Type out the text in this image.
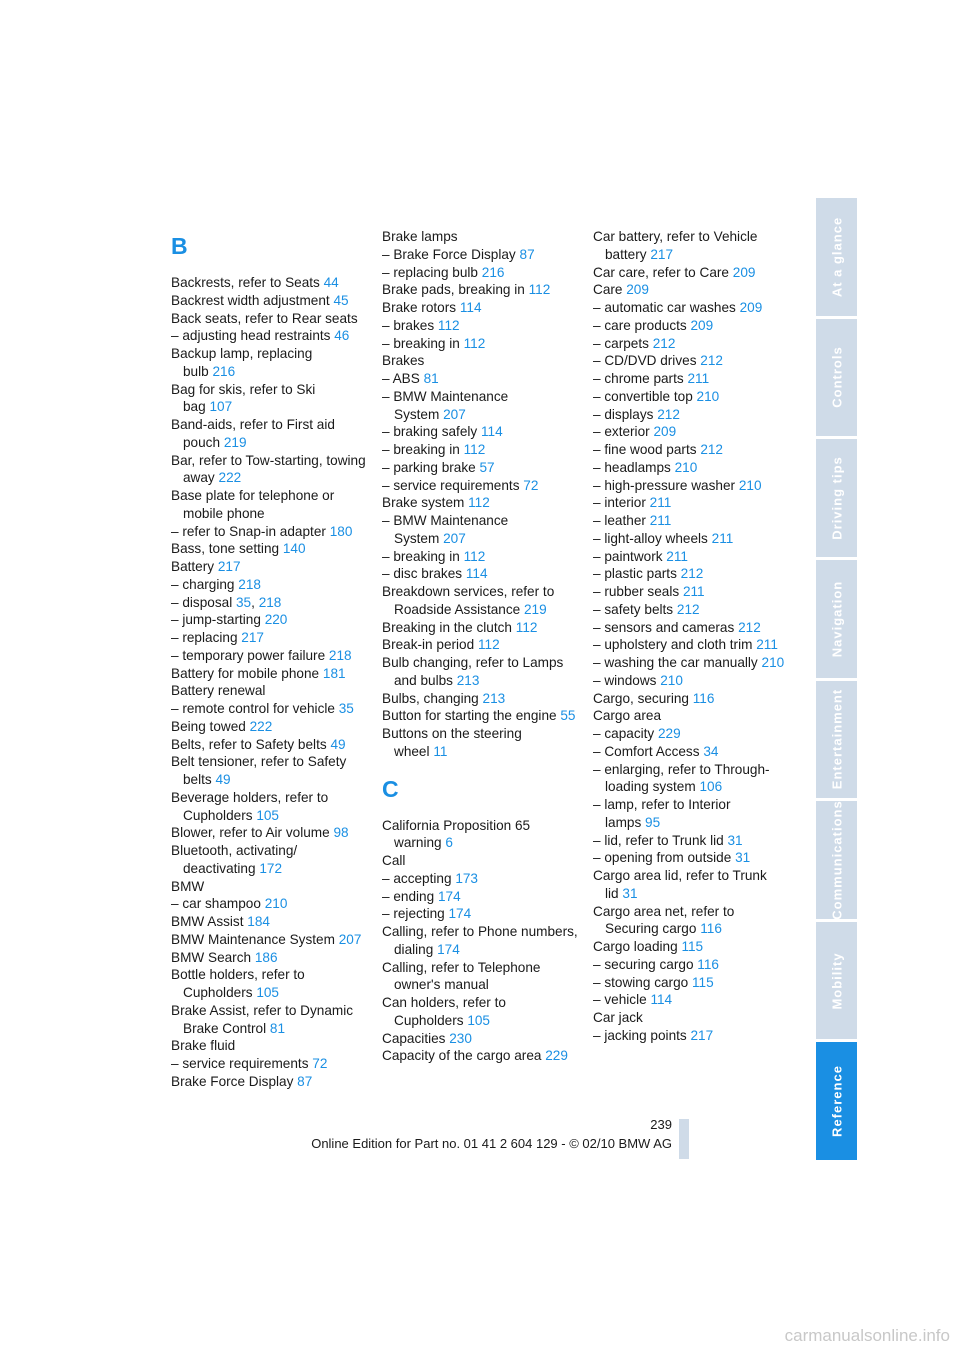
B
Backrests, refer to Seats 44
Backrest width adjustment 45
Back seats, refer to Rear seats
– adjusting head restraints 46
Backup lamp, replacing bulb 216
Bag for skis, refer to Ski bag 107
Band-aids, refer to First aid pouch 219
Bar, refer to Tow-starting, towing away 222
Base plate for telephone or mobile phone
– refer to Snap-in adapter 180
Bass, tone setting 140
Battery 217
– charging 218
– disposal 35, 218
– jump-starting 220
– replacing 217
– temporary power failure 218
Battery for mobile phone 181
Battery renewal
– remote control for vehicle 35
Being towed 222
Belts, refer to Safety belts 49
Belt tensioner, refer to Safety belts 49
Beverage holders, refer to Cupholders 105
Blower, refer to Air volume 98
Bluetooth, activating/ deactivating 172
BMW
– car shampoo 210
BMW Assist 184
BMW Maintenance System 207
BMW Search 186
Bottle holders, refer to Cupholders 105
Brake Assist, refer to Dynamic Brake Control 81
Brake fluid
– service requirements 72
Brake Force Display 87
Brake lamps
– Brake Force Display 87
– replacing bulb 216
Brake pads, breaking in 112
Brake rotors 114
– brakes 112
– breaking in 112
Brakes
– ABS 81
– BMW Maintenance System 207
– braking safely 114
– breaking in 112
– parking brake 57
– service requirements 72
Brake system 112
– BMW Maintenance System 207
– breaking in 112
– disc brakes 114
Breakdown services, refer to Roadside Assistance 219
Breaking in the clutch 112
Break-in period 112
Bulb changing, refer to Lamps and bulbs 213
Bulbs, changing 213
Button for starting the engine 55
Buttons on the steering wheel 11
C
California Proposition 65 warning 6
Call
– accepting 173
– ending 174
– rejecting 174
Calling, refer to Phone numbers, dialing 174
Calling, refer to Telephone owner's manual
Can holders, refer to Cupholders 105
Capacities 230
Capacity of the cargo area 229
Car battery, refer to Vehicle battery 217
Car care, refer to Care 209
Care 209
– automatic car washes 209
– care products 209
– carpets 212
– CD/DVD drives 212
– chrome parts 211
– convertible top 210
– displays 212
– exterior 209
– fine wood parts 212
– headlamps 210
– high-pressure washer 210
– interior 211
– leather 211
– light-alloy wheels 211
– paintwork 211
– plastic parts 212
– rubber seals 211
– safety belts 212
– sensors and cameras 212
– upholstery and cloth trim 211
– washing the car manually 210
– windows 210
Cargo, securing 116
Cargo area
– capacity 229
– Comfort Access 34
– enlarging, refer to Through- loading system 106
– lamp, refer to Interior lamps 95
– lid, refer to Trunk lid 31
– opening from outside 31
Cargo area lid, refer to Trunk lid 31
Cargo area net, refer to Securing cargo 116
Cargo loading 115
– securing cargo 116
– stowing cargo 115
– vehicle 114
Car jack
– jacking points 217
At a glance
Controls
Driving tips
Navigation
Entertainment
Communications
Mobility
Reference
239
Online Edition for Part no. 01 41 2 604 129 - © 02/10 BMW AG
carmanualsonline.info
